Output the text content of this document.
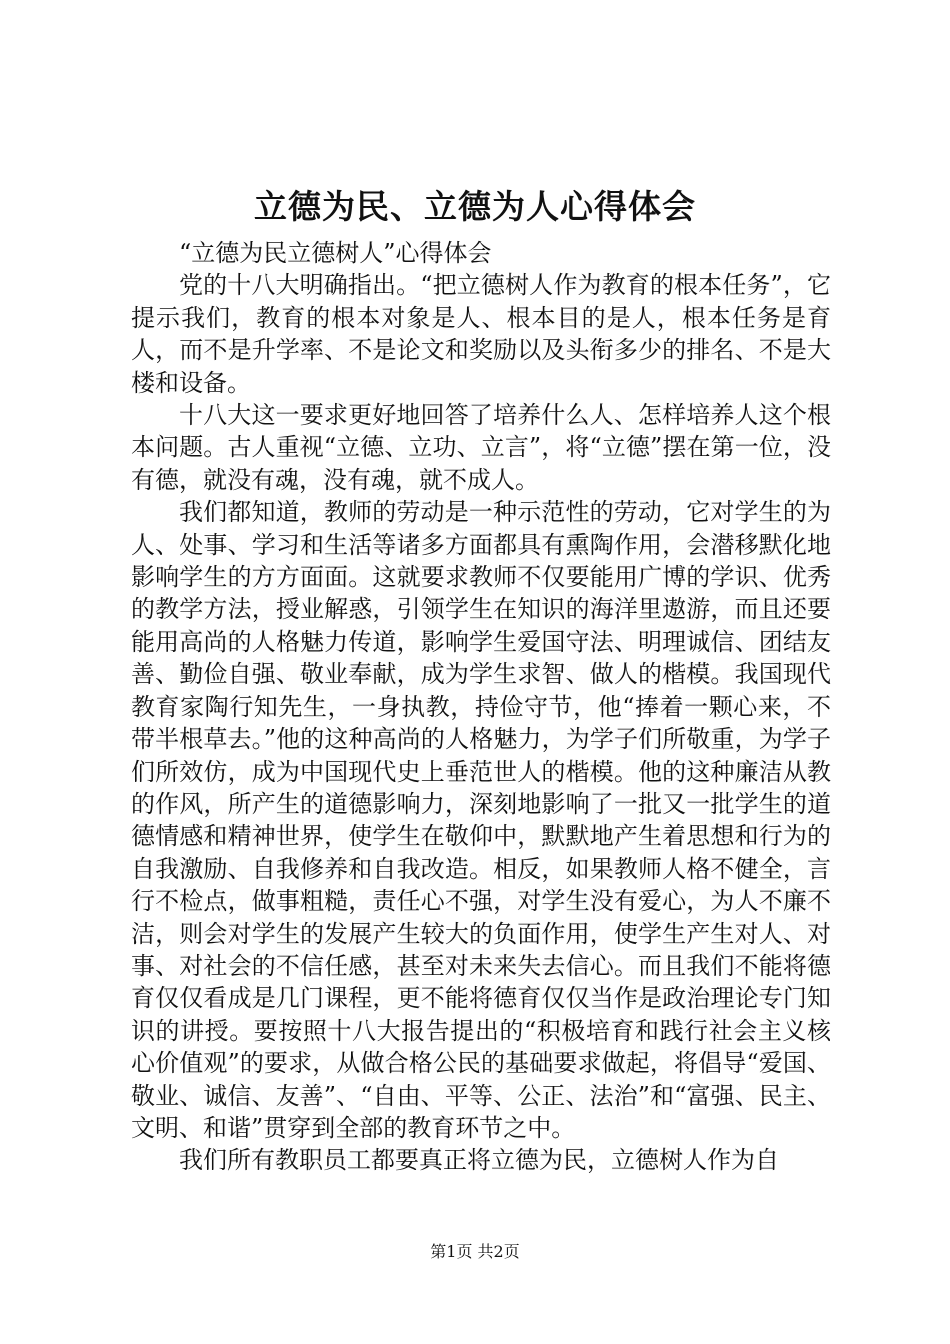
立德为民、立德为人心得体会

“立德为民立德树人”心得体会

党的十八大明确指出。“把立德树人作为教育的根本任务”，它提示我们，教育的根本对象是人、根本目的是人，根本任务是育人，而不是升学率、不是论文和奖励以及头衔多少的排名、不是大楼和设备。

十八大这一要求更好地回答了培养什么人、怎样培养人这个根本问题。古人重视“立德、立功、立言”，将“立德”摆在第一位，没有德，就没有魂，没有魂，就不成人。

我们都知道，教师的劳动是一种示范性的劳动，它对学生的为人、处事、学习和生活等诸多方面都具有熏陶作用，会潜移默化地影响学生的方方面面。这就要求教师不仅要能用广博的学识、优秀的教学方法，授业解惑，引领学生在知识的海洋里遨游，而且还要能用高尚的人格魅力传道，影响学生爱国守法、明理诚信、团结友善、勤俭自强、敬业奉献，成为学生求智、做人的楷模。我国现代教育家陶行知先生，一身执教，持俭守节，他“捧着一颗心来，不带半根草去。”他的这种高尚的人格魅力，为学子们所敬重，为学子们所效仿，成为中国现代史上垂范世人的楷模。他的这种廉洁从教的作风，所产生的道德影响力，深刻地影响了一批又一批学生的道德情感和精神世界，使学生在敬仰中，默默地产生着思想和行为的自我激励、自我修养和自我改造。相反，如果教师人格不健全，言行不检点，做事粗糙，责任心不强，对学生没有爱心，为人不廉不洁，则会对学生的发展产生较大的负面作用，使学生产生对人、对事、对社会的不信任感，甚至对未来失去信心。而且我们不能将德育仅仅看成是几门课程，更不能将德育仅仅当作是政治理论专门知识的讲授。要按照十八大报告提出的“积极培育和践行社会主义核心价值观”的要求，从做合格公民的基础要求做起，将倡导“爱国、敬业、诚信、友善”、“自由、平等、公正、法治”和“富强、民主、文明、和谐”贯穿到全部的教育环节之中。

我们所有教职员工都要真正将立德为民，立德树人作为自

第1页 共2页
